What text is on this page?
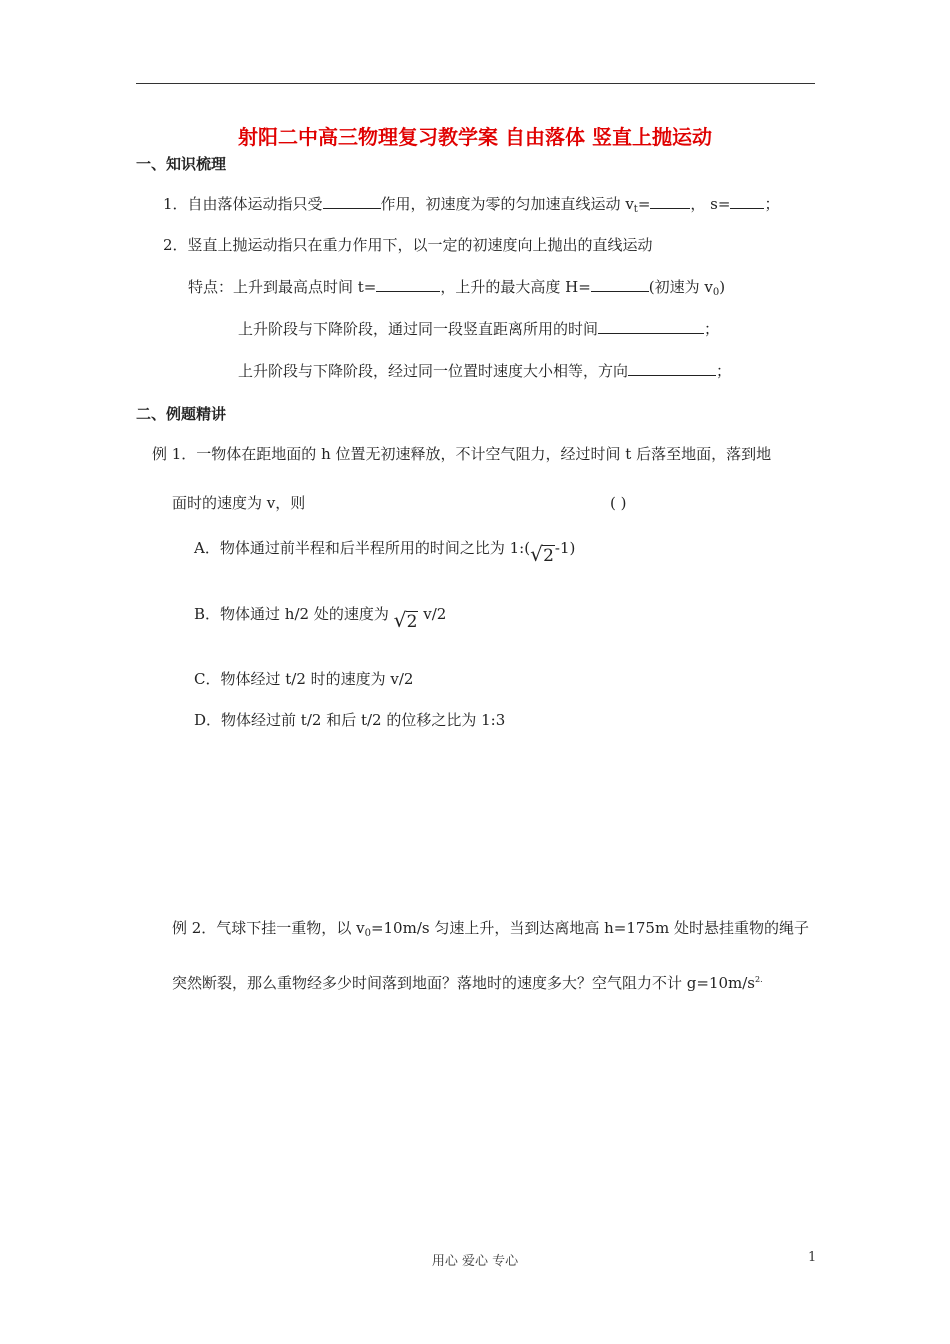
射阳二中高三物理复习教学案 自由落体 竖直上抛运动
一、知识梳理
1．自由落体运动指只受	作用，初速度为零的匀加速直线运动 $v_t=$	， s= ；
2．竖直上抛运动指只在重力作用下，以一定的初速度向上抛出的直线运动
特点：上升到最高点时间 t=	，上升的最大高度 H=	(初速为 $v_0$)
上升阶段与下降阶段，通过同一段竖直距离所用的时间	；
上升阶段与下降阶段，经过同一位置时速度大小相等，方向	；
二、例题精讲
例 1．一物体在距地面的 h 位置无初速释放，不计空气阻力，经过时间 t 后落至地面，落到地
面时的速度为 v，则	( )
A．物体通过前半程和后半程所用的时间之比为 1:( √ 2-1)
B．物体通过 h/2 处的速度为 √ 2 v/2
C．物体经过 t/2 时的速度为 v/2
D．物体经过前 t/2 和后 t/2 的位移之比为 1:3
例 2．气球下挂一重物，以 $v_0=10m/s$ 匀速上升，当到达离地高 h=175m 处时悬挂重物的绳子
突然断裂，那么重物经多少时间落到地面？落地时的速度多大？空气阻力不计 $g=10m/s^{2.}$
用心 爱心 专心	1
